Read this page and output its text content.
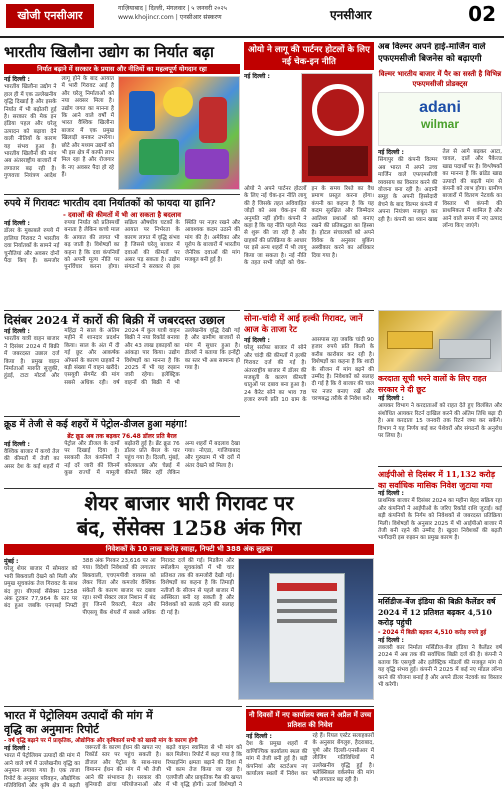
खोजी एनसीआर
गाज़ियाबाद | दिल्ली, मंगलवार | ५ जनवरी २०२५
www.khojincr.com | एनसीआर संस्करण	एनसीआर	02
भारतीय खिलौना उद्योग का निर्यात बढ़ा
निर्यात बढ़ाने में सरकार के प्रयास और नीतियों का महत्वपूर्ण योगदान रहा
नई दिल्ली :
भारतीय खिलौना उद्योग ने हाल ही में एक उल्लेखनीय वृद्धि दिखाई है और इसके निर्यात में भी बढ़ोतरी हुई है। सरकार की मेक इन इंडिया पहल और घरेलू उत्पादन को बढ़ावा देने वाली नीतियों के कारण यह संभव हुआ है। भारतीय खिलौनों की मांग अब अंतरराष्ट्रीय बाजारों में लगातार बढ़ रही है। गुणवत्ता नियंत्रण आदेश लागू होने के बाद आयात में भारी गिरावट आई है और घरेलू निर्माताओं को नया अवसर मिला है। उद्योग जगत का मानना है कि आने वाले वर्षों में भारत वैश्विक खिलौना बाजार में एक प्रमुख खिलाड़ी बनकर उभरेगा। छोटे और मध्यम उद्यमों को भी इस क्षेत्र में काफी लाभ मिल रहा है और रोजगार के नए अवसर पैदा हो रहे हैं।
रुपये में गिरावटः भारतीय दवा निर्यातकों को फायदा या हानि?
- दवाओं की कीमतों में भी आ सकता है बदलाव
नई दिल्ली :
डॉलर के मुकाबले रुपये में हालिया गिरावट ने भारतीय दवा निर्यातकों के सामने नई चुनौतियां और अवसर दोनों पैदा किए हैं। कमजोर रुपया निर्यात को प्रतिस्पर्धी बनाता है लेकिन कच्चे माल के आयात की लागत भी बढ़ जाती है। विशेषज्ञों का कहना है कि दवा कंपनियों को अपनी मूल्य नीति पर पुनर्विचार करना होगा। सक्रिय औषधीय घटकों के आयात पर निर्भरता के कारण लागत में वृद्धि संभव है जिससे घरेलू बाजार में दवाओं की कीमतों पर असर पड़ सकता है। उद्योग संगठनों ने सरकार से इस स्थिति पर नज़र रखने और आवश्यक कदम उठाने की मांग की है। अमेरिका और यूरोप के बाजारों में भारतीय जेनेरिक दवाओं की मांग मजबूत बनी हुई है।
ओयो ने लागू की पार्टनर होटलों के लिए नई चेक-इन नीति
नई दिल्ली :
ओयो ने अपने पार्टनर होटलों के लिए नई चेक-इन नीति लागू की है जिसके तहत अविवाहित जोड़ों को अब चेक-इन की अनुमति नहीं होगी। कंपनी ने कहा है कि यह नीति पहले मेरठ से शुरू की जा रही है और ग्राहकों की प्रतिक्रिया के आधार पर इसे अन्य शहरों में भी लागू किया जा सकता है। नई नीति के तहत सभी जोड़ों को चेक-इन के समय रिश्ते का वैध प्रमाण प्रस्तुत करना होगा। कंपनी का कहना है कि यह कदम सुरक्षित और जिम्मेदार आतिथ्य प्रथाओं को बनाए रखने की प्रतिबद्धता का हिस्सा है। होटल संचालकों को अपने विवेक के अनुसार बुकिंग अस्वीकार करने का अधिकार दिया गया है।
अब विल्मर अपने हाई-मार्जिन वाले एफएमसीजी बिजनेस को बढ़ाएगी
विल्मर भारतीय बाजार में पैर का सस्ती है विभिन्न एफएमसीजी प्रोडक्ट्स
adani
wilmar
नई दिल्ली :
सिंगापुर की कंपनी विल्मर अब भारत में अपने उच्च मार्जिन वाले एफएमसीजी व्यवसाय का विस्तार करने की योजना बना रही है। अदानी समूह के अपनी हिस्सेदारी बेचने के बाद विल्मर कंपनी में अपना नियंत्रण मजबूत कर रही है। कंपनी का ध्यान खाद्य तेल से आगे बढ़कर आटा, चावल, दालें और पैकेज्ड खाद्य पदार्थों पर है। विश्लेषकों का मानना है कि ब्रांडेड खाद्य उत्पादों की बढ़ती मांग से कंपनी को लाभ होगा। ग्रामीण बाजारों में वितरण नेटवर्क का विस्तार भी कंपनी की प्राथमिकता में शामिल है और आने वाले समय में नए उत्पाद लॉन्च किए जाएंगे।
दिसंबर 2024 में कारों की बिक्री में जबरदस्त उछाल
नई दिल्ली :
भारतीय यात्री वाहन बाजार ने दिसंबर 2024 में बिक्री में जबरदस्त उछाल दर्ज किया है। प्रमुख वाहन निर्माताओं मारुति सुजुकी, हुंडई, टाटा मोटर्स और महिंद्रा ने साल के अंतिम महीने में शानदार प्रदर्शन किया। साल के अंत में दी गई छूट और आकर्षक ऑफर्स के कारण ग्राहकों ने बड़ी संख्या में वाहन खरीदे। एसयूवी सेगमेंट की मांग सबसे अधिक रही। वर्ष 2024 में कुल यात्री वाहन बिक्री ने नया रिकॉर्ड बनाया और 43 लाख इकाइयों का आंकड़ा पार किया। उद्योग विशेषज्ञों का मानना है कि 2025 में भी यह रुझान जारी रहेगा। इलेक्ट्रिक वाहनों की बिक्री में भी उल्लेखनीय वृद्धि देखी गई है और ग्रामीण बाजारों से मांग में सुधार हुआ है। डीलरों ने बताया कि इन्वेंट्री का स्तर भी अब सामान्य हो गया है।
सोना-चांदी में आई हल्की गिरावट, जानें आज के ताजा रेट
नई दिल्ली :
घरेलू सर्राफा बाजार में सोने और चांदी की कीमतों में हल्की गिरावट दर्ज की गई है। अंतरराष्ट्रीय बाजार में डॉलर की मजबूती के कारण कीमती धातुओं पर दबाव बना हुआ है। 24 कैरेट सोने का भाव 78 हजार रुपये प्रति 10 ग्राम के आसपास रहा जबकि चांदी 90 हजार रुपये प्रति किलो के करीब कारोबार कर रही है। विशेषज्ञों का कहना है कि शादी के सीजन में मांग बढ़ने की उम्मीद है। निवेशकों को सलाह दी गई है कि वे बाजार की चाल पर नजर बनाए रखें और चरणबद्ध तरीके से निवेश करें।
करदाता सूची भरने वालों के लिए राहत सरकार ने दी छूट
नई दिल्ली :
आयकर विभाग ने करदाताओं को राहत देते हुए विलंबित और संशोधित आयकर रिटर्न दाखिल करने की अंतिम तिथि बढ़ा दी है। अब करदाता 15 जनवरी तक रिटर्न जमा कर सकेंगे। विभाग ने यह निर्णय कई कर पेशेवरों और संगठनों के अनुरोध पर लिया है।
क्रूड में तेजी से कई शहरों में पेट्रोल-डीजल हुआ महंगा!
ब्रेंट क्रूड अब तक बढ़कर 76.48 डॉलर प्रति बैरल
नई दिल्ली :
वैश्विक बाजार में कच्चे तेल की कीमतों में तेजी का असर देश के कई शहरों में पेट्रोल और डीजल के दामों पर दिखाई दिया है। सरकारी तेल कंपनियों ने नई दरें जारी कीं जिनमें कुछ राज्यों में मामूली बढ़ोतरी हुई है। ब्रेंट क्रूड 76 डॉलर प्रति बैरल के पार पहुंच गया है। दिल्ली, मुंबई, कोलकाता और चेन्नई में कीमतें स्थिर रहीं लेकिन अन्य शहरों में बदलाव देखा गया। नोएडा, गाजियाबाद और गुरुग्राम में भी दरों में अंतर देखने को मिला है।
शेयर बाजार भारी गिरावट पर
बंद, सेंसेक्स 1258 अंक गिरा
निवेशकों के 10 लाख करोड़ स्वाहा, निफ्टी भी 388 अंक लुढ़का
मुंबई :
घरेलू शेयर बाजार में सोमवार को भारी बिकवाली देखने को मिली और प्रमुख सूचकांक तेज गिरावट के साथ बंद हुए। बीएसई सेंसेक्स 1258 अंक टूटकर 77,964 के स्तर पर बंद हुआ जबकि एनएसई निफ्टी 388 अंक गिरकर 23,616 पर आ गया। विदेशी निवेशकों की लगातार बिकवाली, एचएमपीवी वायरस को लेकर चिंता और कमजोर वैश्विक संकेतों के कारण बाजार पर दबाव रहा। सभी सेक्टर लाल निशान में बंद हुए जिनमें रियल्टी, मेटल और पीएसयू बैंक शेयरों में सबसे अधिक गिरावट दर्ज की गई। मिडकैप और स्मॉलकैप सूचकांकों में भी चार प्रतिशत तक की कमजोरी देखी गई। विशेषज्ञों का कहना है कि तिमाही नतीजों के सीजन से पहले बाजार में अस्थिरता बनी रह सकती है और निवेशकों को सतर्क रहने की सलाह दी गई है।
आईपीओ से दिसंबर में 11,132 करोड़ का सर्वाधिक मासिक निवेश जुटाया गया
नई दिल्ली :
प्राथमिक बाजार में दिसंबर 2024 का महीना बेहद सक्रिय रहा और कंपनियों ने आईपीओ के जरिए रिकॉर्ड राशि जुटाई। कई बड़ी कंपनियों के निर्गम को निवेशकों से जबरदस्त प्रतिक्रिया मिली। विशेषज्ञों के अनुसार 2025 में भी आईपीओ बाजार में तेजी बनी रहने की उम्मीद है। खुदरा निवेशकों की बढ़ती भागीदारी इस रुझान का प्रमुख कारण है।
मर्सिडीज-बेंज इंडिया की बिक्री कैलेंडर वर्ष 2024 में 12 प्रतिशत बढ़कर 4,510 करोड़ पहुंची
- 2024 में बिक्री बढ़कर 4,510 करोड़ रुपये हुई
नई दिल्ली :
लक्जरी कार निर्माता मर्सिडीज-बेंज इंडिया ने कैलेंडर वर्ष 2024 में अब तक की सर्वाधिक बिक्री दर्ज की है। कंपनी ने बताया कि एसयूवी और इलेक्ट्रिक मॉडलों की मजबूत मांग से यह वृद्धि संभव हुई। कंपनी ने 2025 में कई नए मॉडल लॉन्च करने की योजना बनाई है और अपने डीलर नेटवर्क का विस्तार भी करेगी।
भारत में पेट्रोलियम उत्पादों की मांग में
वृद्धि का अनुमानः रिपोर्ट
- वर्ष वृद्धि बढ़ाने पर में प्राकृतिक, औद्योगिक और कृषिकार्य सभी को खासी मांग के कारण होगी
नई दिल्ली :
भारत में पेट्रोलियम उत्पादों की मांग में आने वाले वर्ष में उल्लेखनीय वृद्धि का अनुमान लगाया गया है। एक ताजा रिपोर्ट के अनुसार परिवहन, औद्योगिक गतिविधियों और कृषि क्षेत्र में बढ़ती जरूरतों के कारण ईंधन की खपत नए रिकॉर्ड स्तर पर पहुंच सकती है। डीजल और पेट्रोल के साथ-साथ विमानन ईंधन की मांग में भी तेजी आने की संभावना है। सरकार की बुनियादी ढांचा परियोजनाओं और बढ़ते वाहन स्वामित्व से भी मांग को बल मिलेगा। रिपोर्ट में कहा गया है कि रिफाइनिंग क्षमता बढ़ाने की दिशा में भी काम तेज किया जा रहा है। एलपीजी और प्राकृतिक गैस की खपत में भी वृद्धि होगी। ऊर्जा विशेषज्ञों ने
नौ दिवसों में नए कार्यालय स्थल ने अप्रैल में उच्च प्रतिशत की निवेश
नई दिल्ली :
देश के प्रमुख शहरों में वाणिज्यिक कार्यालय स्थल की मांग में तेजी बनी हुई है। बड़ी कंपनियां और स्टार्टअप नए कार्यालय स्थलों में निवेश कर रहे हैं। रियल एस्टेट सलाहकारों के अनुसार बेंगलुरु, हैदराबाद, पुणे और दिल्ली-एनसीआर में लीजिंग गतिविधियों में उल्लेखनीय वृद्धि हुई है। फ्लेक्सिबल वर्कस्पेस की मांग भी लगातार बढ़ रही है।
